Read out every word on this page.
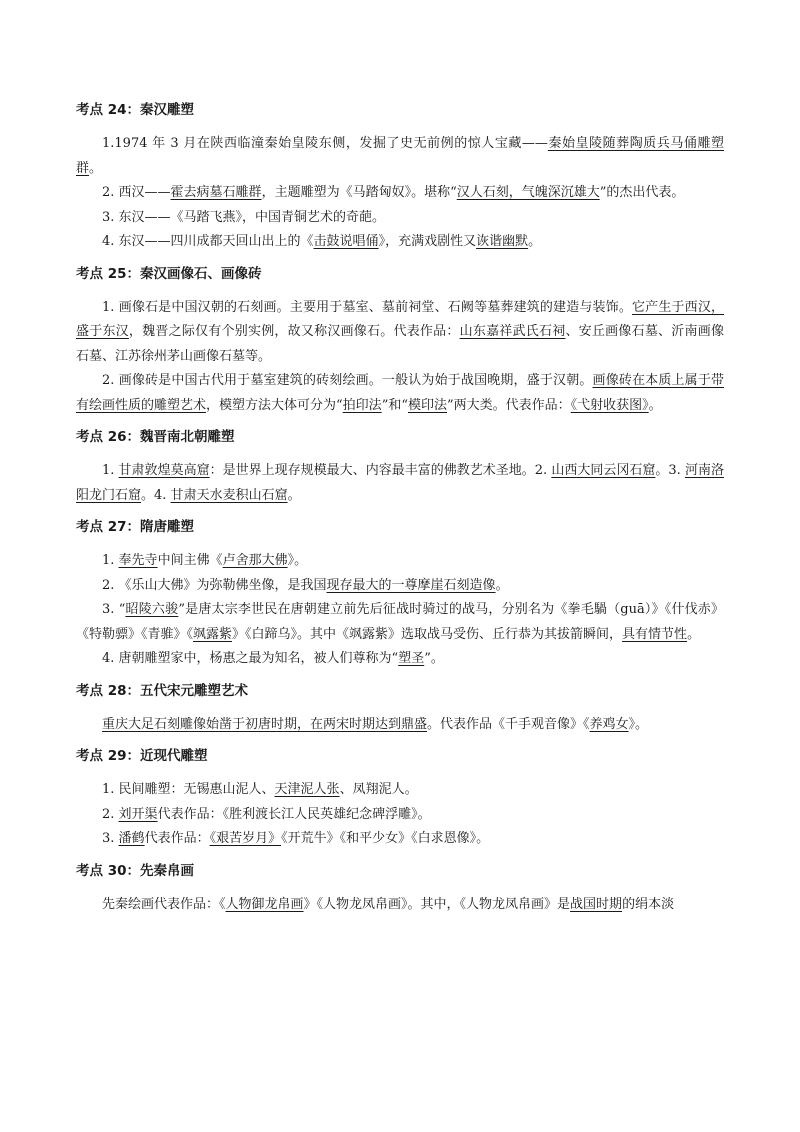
考点 24：秦汉雕塑

1.1974 年 3 月在陕西临潼秦始皇陵东侧，发掘了史无前例的惊人宝藏——秦始皇陵随葬陶质兵马俑雕塑群。

2. 西汉——霍去病墓石雕群，主题雕塑为《马踏匈奴》。堪称“汉人石刻，气魄深沉雄大”的杰出代表。

3. 东汉——《马踏飞燕》，中国青铜艺术的奇葩。

4. 东汉——四川成都天回山出上的《击鼓说唱俑》，充满戏剧性又诙谐幽默。

考点 25：秦汉画像石、画像砖

1. 画像石是中国汉朝的石刻画。主要用于墓室、墓前祠堂、石阙等墓葬建筑的建造与装饰。它产生于西汉，盛于东汉，魏晋之际仅有个别实例，故又称汉画像石。代表作品：山东嘉祥武氏石祠、安丘画像石墓、沂南画像石墓、江苏徐州茅山画像石墓等。

2. 画像砖是中国古代用于墓室建筑的砖刻绘画。一般认为始于战国晚期，盛于汉朝。画像砖在本质上属于带有绘画性质的雕塑艺术，模塑方法大体可分为“拍印法”和“模印法”两大类。代表作品：《弋射收获图》。

考点 26：魏晋南北朝雕塑

1. 甘肃敦煌莫高窟：是世界上现存规模最大、内容最丰富的佛教艺术圣地。2. 山西大同云冈石窟。3. 河南洛阳龙门石窟。4. 甘肃天水麦积山石窟。

考点 27：隋唐雕塑

1. 奉先寺中间主佛《卢舍那大佛》。

2. 《乐山大佛》为弥勒佛坐像，是我国现存最大的一尊摩崖石刻造像。

3. “昭陵六骏”是唐太宗李世民在唐朝建立前先后征战时骑过的战马，分别名为《拳毛騧（guā）》《什伐赤》《特勒骠》《青骓》《飒露紫》《白蹄乌》。其中《飒露紫》选取战马受伤、丘行恭为其拔箭瞬间，具有情节性。

4. 唐朝雕塑家中，杨惠之最为知名，被人们尊称为“塑圣”。

考点 28：五代宋元雕塑艺术

重庆大足石刻雕像始凿于初唐时期，在两宋时期达到鼎盛。代表作品《千手观音像》《养鸡女》。

考点 29：近现代雕塑

1. 民间雕塑：无锡惠山泥人、天津泥人张、凤翔泥人。

2. 刘开渠代表作品：《胜利渡长江人民英雄纪念碑浮雕》。

3. 潘鹤代表作品：《艰苦岁月》《开荒牛》《和平少女》《白求恩像》。

考点 30：先秦帛画

先秦绘画代表作品：《人物御龙帛画》《人物龙凤帛画》。其中，《人物龙凤帛画》是战国时期的绢本淡
